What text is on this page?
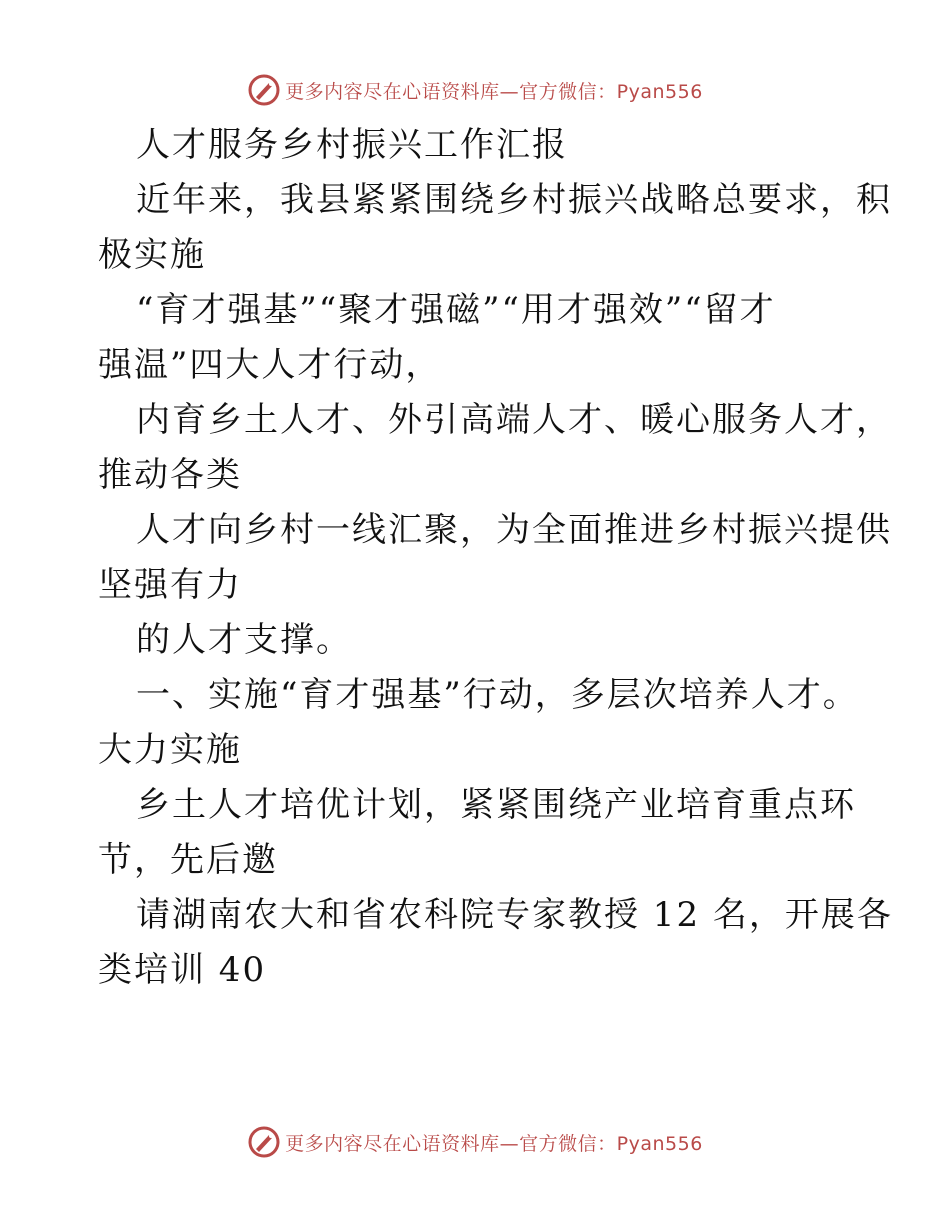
更多内容尽在心语资料库—官方微信：Pyan556
人才服务乡村振兴工作汇报
近年来，我县紧紧围绕乡村振兴战略总要求，积
极实施
“育才强基”“聚才强磁”“用才强效”“留才
强温”四大人才行动，
内育乡土人才、外引高端人才、暖心服务人才，
推动各类
人才向乡村一线汇聚，为全面推进乡村振兴提供
坚强有力
的人才支撑。
一、实施“育才强基”行动，多层次培养人才。
大力实施
乡土人才培优计划，紧紧围绕产业培育重点环
节，先后邀
请湖南农大和省农科院专家教授 12 名，开展各
类培训 40
更多内容尽在心语资料库—官方微信：Pyan556
